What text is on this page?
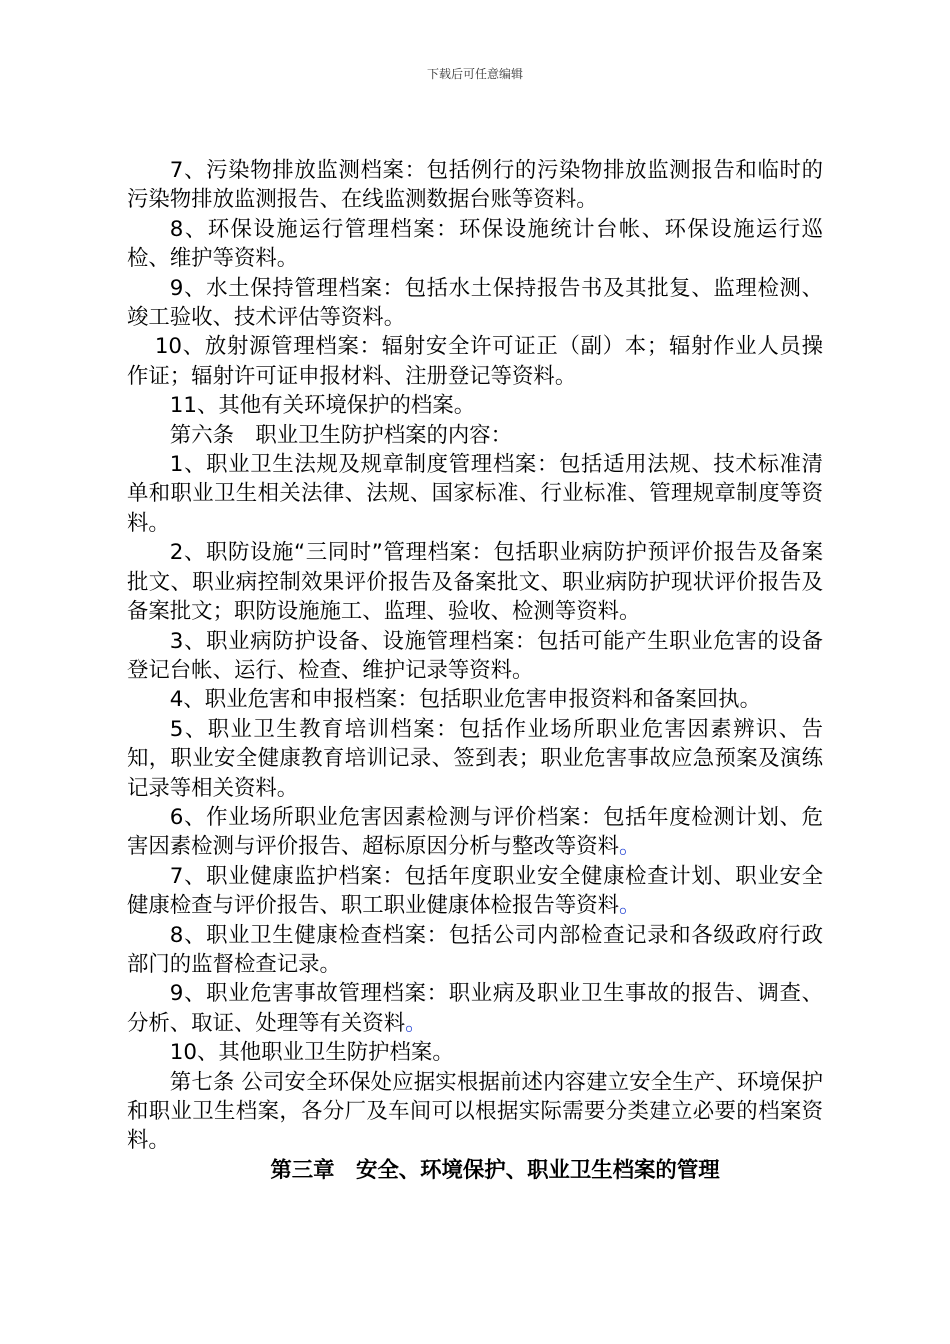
下载后可任意编辑

7、污染物排放监测档案：包括例行的污染物排放监测报告和临时的污染物排放监测报告、在线监测数据台账等资料。

8、环保设施运行管理档案：环保设施统计台帐、环保设施运行巡检、维护等资料。

9、水土保持管理档案：包括水土保持报告书及其批复、监理检测、竣工验收、技术评估等资料。

10、放射源管理档案：辐射安全许可证正（副）本；辐射作业人员操作证；辐射许可证申报材料、注册登记等资料。

11、其他有关环境保护的档案。

第六条　职业卫生防护档案的内容：

1、职业卫生法规及规章制度管理档案：包括适用法规、技术标准清单和职业卫生相关法律、法规、国家标准、行业标准、管理规章制度等资料。

2、职防设施“三同时”管理档案：包括职业病防护预评价报告及备案批文、职业病控制效果评价报告及备案批文、职业病防护现状评价报告及备案批文；职防设施施工、监理、验收、检测等资料。

3、职业病防护设备、设施管理档案：包括可能产生职业危害的设备登记台帐、运行、检查、维护记录等资料。

4、职业危害和申报档案：包括职业危害申报资料和备案回执。

5、职业卫生教育培训档案：包括作业场所职业危害因素辨识、告知，职业安全健康教育培训记录、签到表；职业危害事故应急预案及演练记录等相关资料。

6、作业场所职业危害因素检测与评价档案：包括年度检测计划、危害因素检测与评价报告、超标原因分析与整改等资料。

7、职业健康监护档案：包括年度职业安全健康检查计划、职业安全健康检查与评价报告、职工职业健康体检报告等资料。

8、职业卫生健康检查档案：包括公司内部检查记录和各级政府行政部门的监督检查记录。

9、职业危害事故管理档案：职业病及职业卫生事故的报告、调查、分析、取证、处理等有关资料。

10、其他职业卫生防护档案。

第七条 公司安全环保处应据实根据前述内容建立安全生产、环境保护和职业卫生档案，各分厂及车间可以根据实际需要分类建立必要的档案资料。

第三章　安全、环境保护、职业卫生档案的管理
